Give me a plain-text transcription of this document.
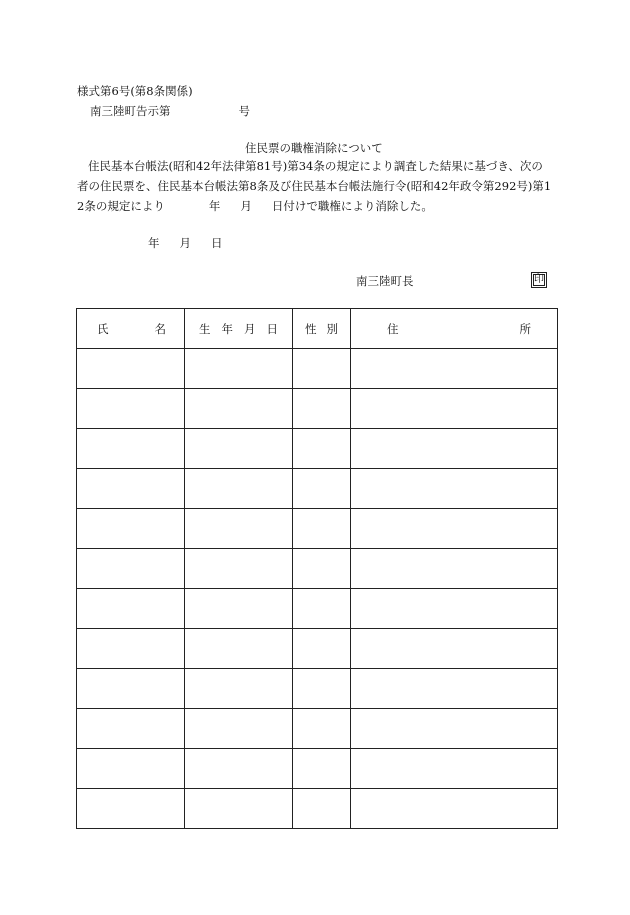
様式第6号(第8条関係)
南三陸町告示第	号
住民票の職権消除について
住民基本台帳法(昭和42年法律第81号)第34条の規定により調査した結果に基づき、次の
者の住民票を、住民基本台帳法第8条及び住民基本台帳法施行令(昭和42年政令第292号)第1
2条の規定により	年 月 日付けで職権により消除した。
年 月 日
南三陸町長	印
氏 名	生 年 月 日	性 別	住 所
